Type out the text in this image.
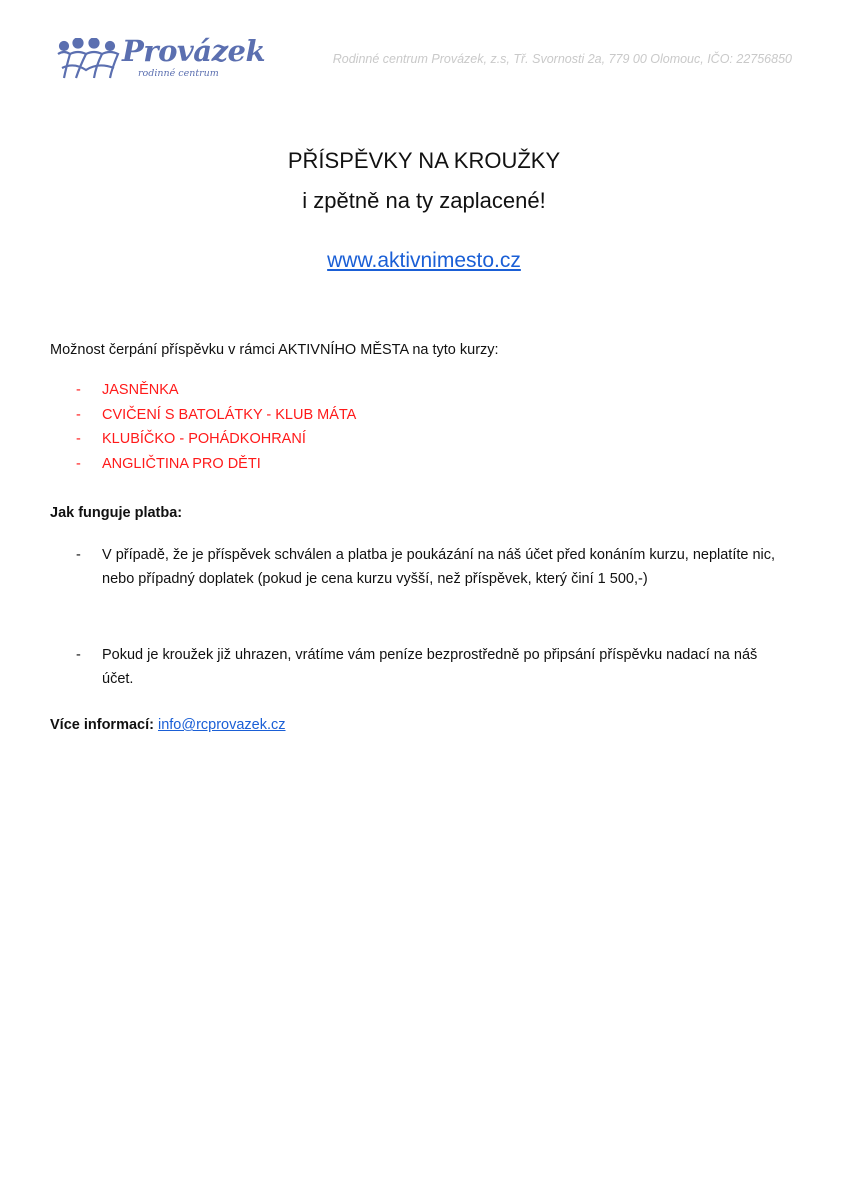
Provázek
rodinné centrum
Rodinné centrum Provázek, z.s, Tř. Svornosti 2a, 779 00 Olomouc, IČO: 22756850
PŘÍSPĚVKY NA KROUŽKY
i zpětně na ty zaplacené!
www.aktivnimesto.cz
Možnost čerpání příspěvku v rámci AKTIVNÍHO MĚSTA na tyto kurzy:
- JASNĚNKA
- CVIČENÍ S BATOLÁTKY - KLUB MÁTA
- KLUBÍČKO - POHÁDKOHRANÍ
- ANGLIČTINA PRO DĚTI
Jak funguje platba:
- V případě, že je příspěvek schválen a platba je poukázání na náš účet před konáním kurzu, neplatíte nic, nebo případný doplatek (pokud je cena kurzu vyšší, než příspěvek, který činí 1 500,-)
- Pokud je kroužek již uhrazen, vrátíme vám peníze bezprostředně po připsání příspěvku nadací na náš účet.
Více informací: info@rcprovazek.cz
